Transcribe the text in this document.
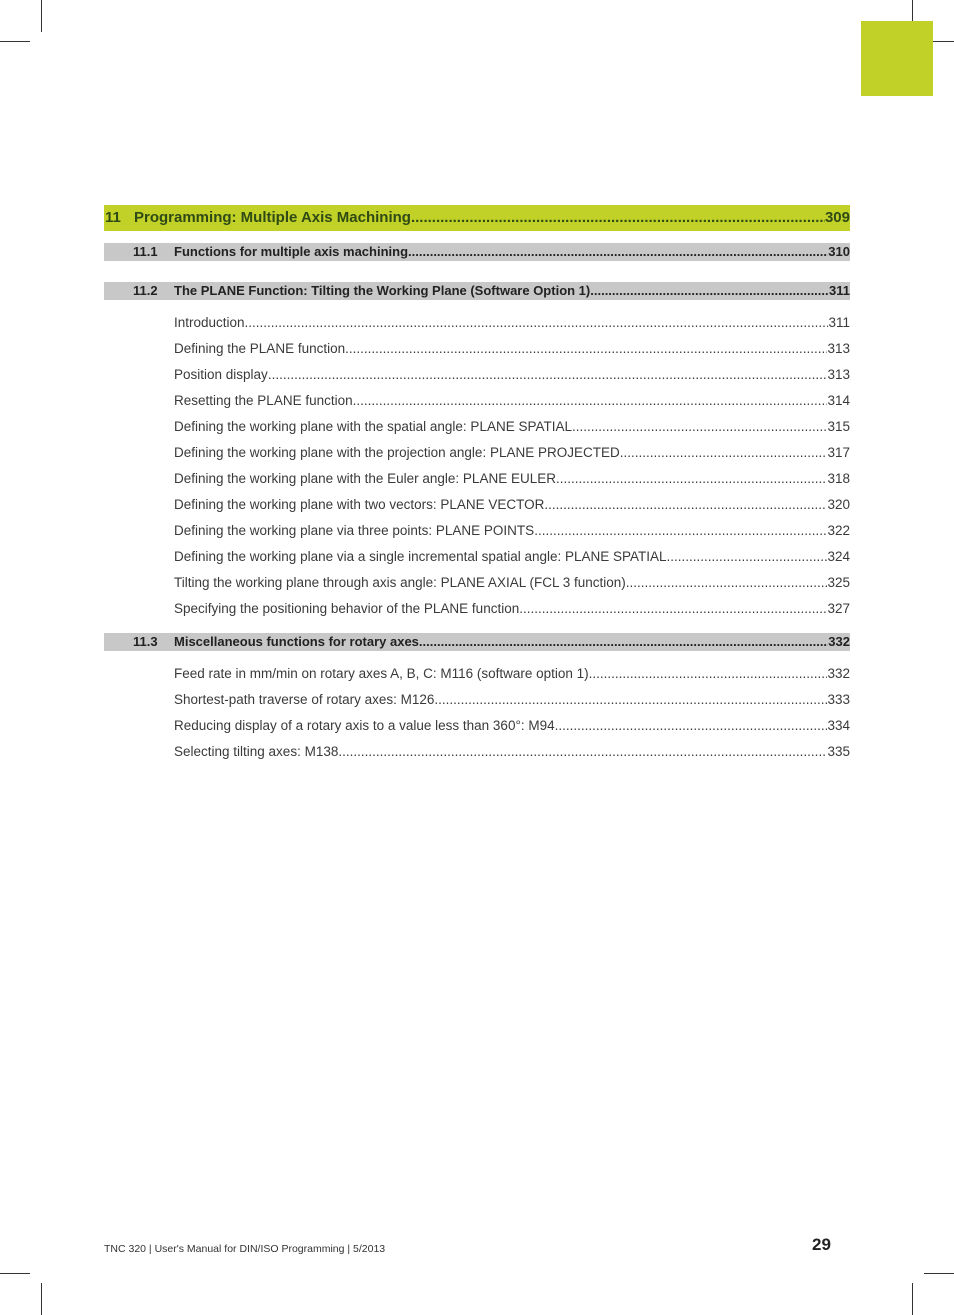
11 Programming: Multiple Axis Machining .....	309
11.1 Functions for multiple axis machining .....	310
11.2 The PLANE Function: Tilting the Working Plane (Software Option 1) .....	311
Introduction .....	311
Defining the PLANE function .....	313
Position display .....	313
Resetting the PLANE function .....	314
Defining the working plane with the spatial angle: PLANE SPATIAL .....	315
Defining the working plane with the projection angle: PLANE PROJECTED .....	317
Defining the working plane with the Euler angle: PLANE EULER .....	318
Defining the working plane with two vectors: PLANE VECTOR .....	320
Defining the working plane via three points: PLANE POINTS .....	322
Defining the working plane via a single incremental spatial angle: PLANE SPATIAL .....	324
Tilting the working plane through axis angle: PLANE AXIAL (FCL 3 function) .....	325
Specifying the positioning behavior of the PLANE function .....	327
11.3 Miscellaneous functions for rotary axes .....	332
Feed rate in mm/min on rotary axes A, B, C: M116 (software option 1) .....	332
Shortest-path traverse of rotary axes: M126 .....	333
Reducing display of a rotary axis to a value less than 360°: M94 .....	334
Selecting tilting axes: M138 .....	335
TNC 320 | User's Manual for DIN/ISO Programming | 5/2013	29
